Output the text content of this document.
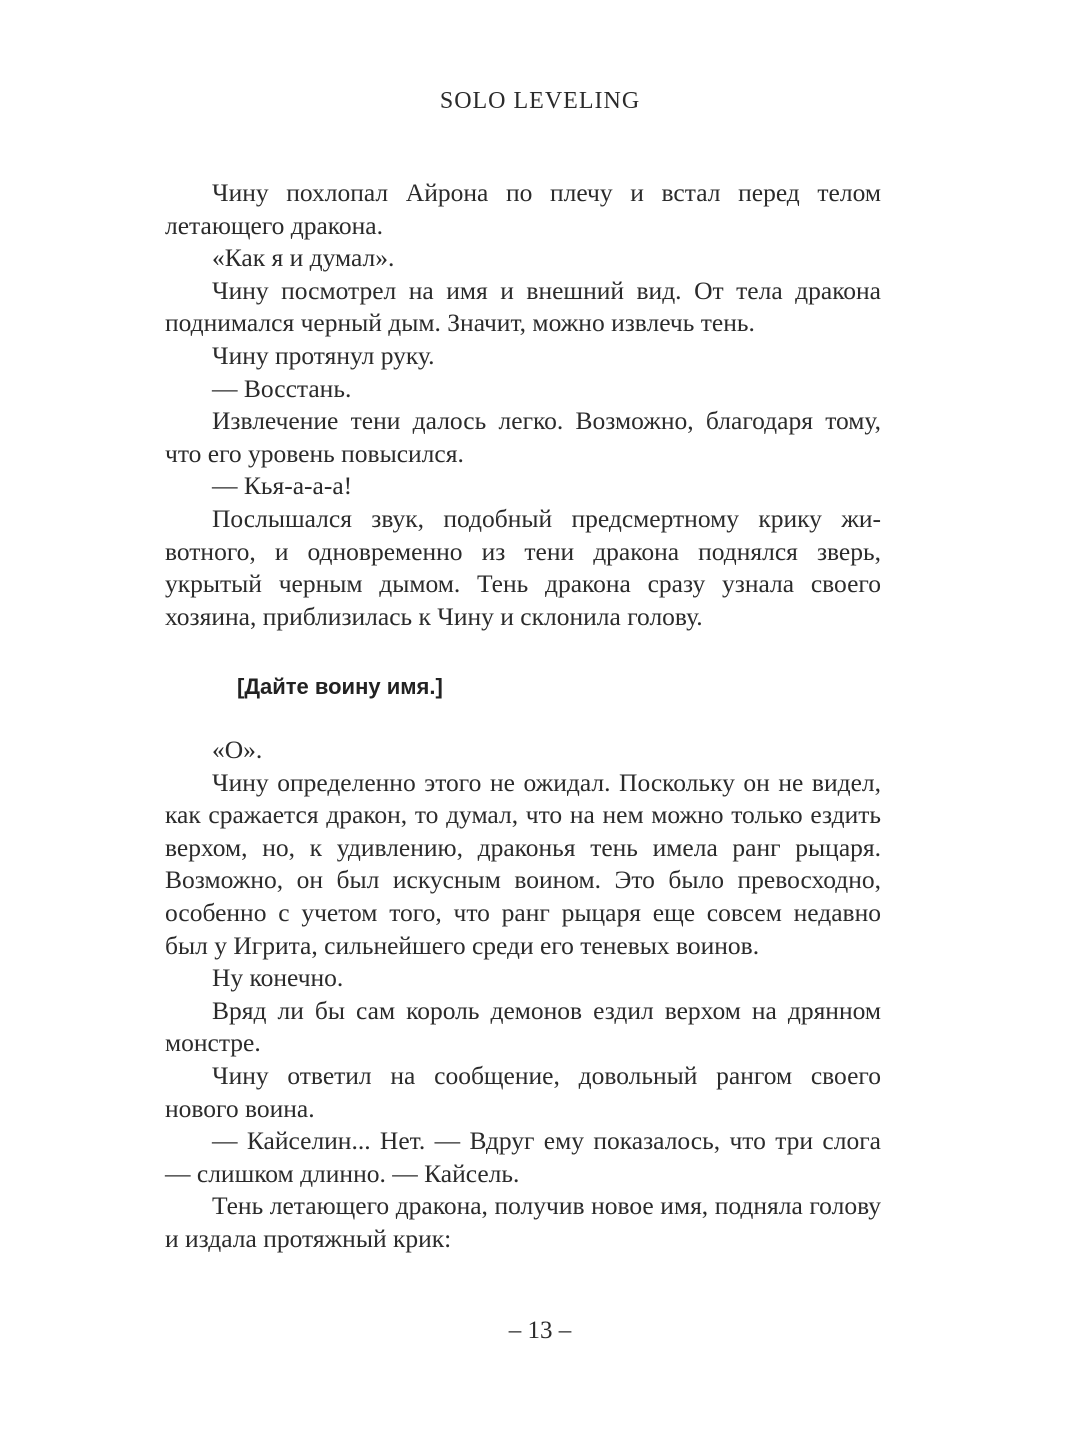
SOLO LEVELING

Чину похлопал Айрона по плечу и встал перед телом летающего дракона.

«Как я и думал».

Чину посмотрел на имя и внешний вид. От тела дракона поднимался черный дым. Значит, можно извлечь тень.

Чину протянул руку.

— Восстань.

Извлечение тени далось легко. Возможно, благодаря тому, что его уровень повысился.

— Кья-а-а-а!

Послышался звук, подобный предсмертному крику животного, и одновременно из тени дракона поднялся зверь, укрытый черным дымом. Тень дракона сразу узнала своего хозяина, приблизилась к Чину и склонила голову.

[Дайте воину имя.]

«О».

Чину определенно этого не ожидал. Поскольку он не видел, как сражается дракон, то думал, что на нем можно только ездить верхом, но, к удивлению, драконья тень имела ранг рыцаря. Возможно, он был искусным воином. Это было превосходно, особенно с учетом того, что ранг рыцаря еще совсем недавно был у Игрита, сильнейшего среди его теневых воинов.

Ну конечно.

Вряд ли бы сам король демонов ездил верхом на дрянном монстре.

Чину ответил на сообщение, довольный рангом своего нового воина.

— Кайселин... Нет. — Вдруг ему показалось, что три слога — слишком длинно. — Кайсель.

Тень летающего дракона, получив новое имя, подняла голову и издала протяжный крик:

– 13 –
